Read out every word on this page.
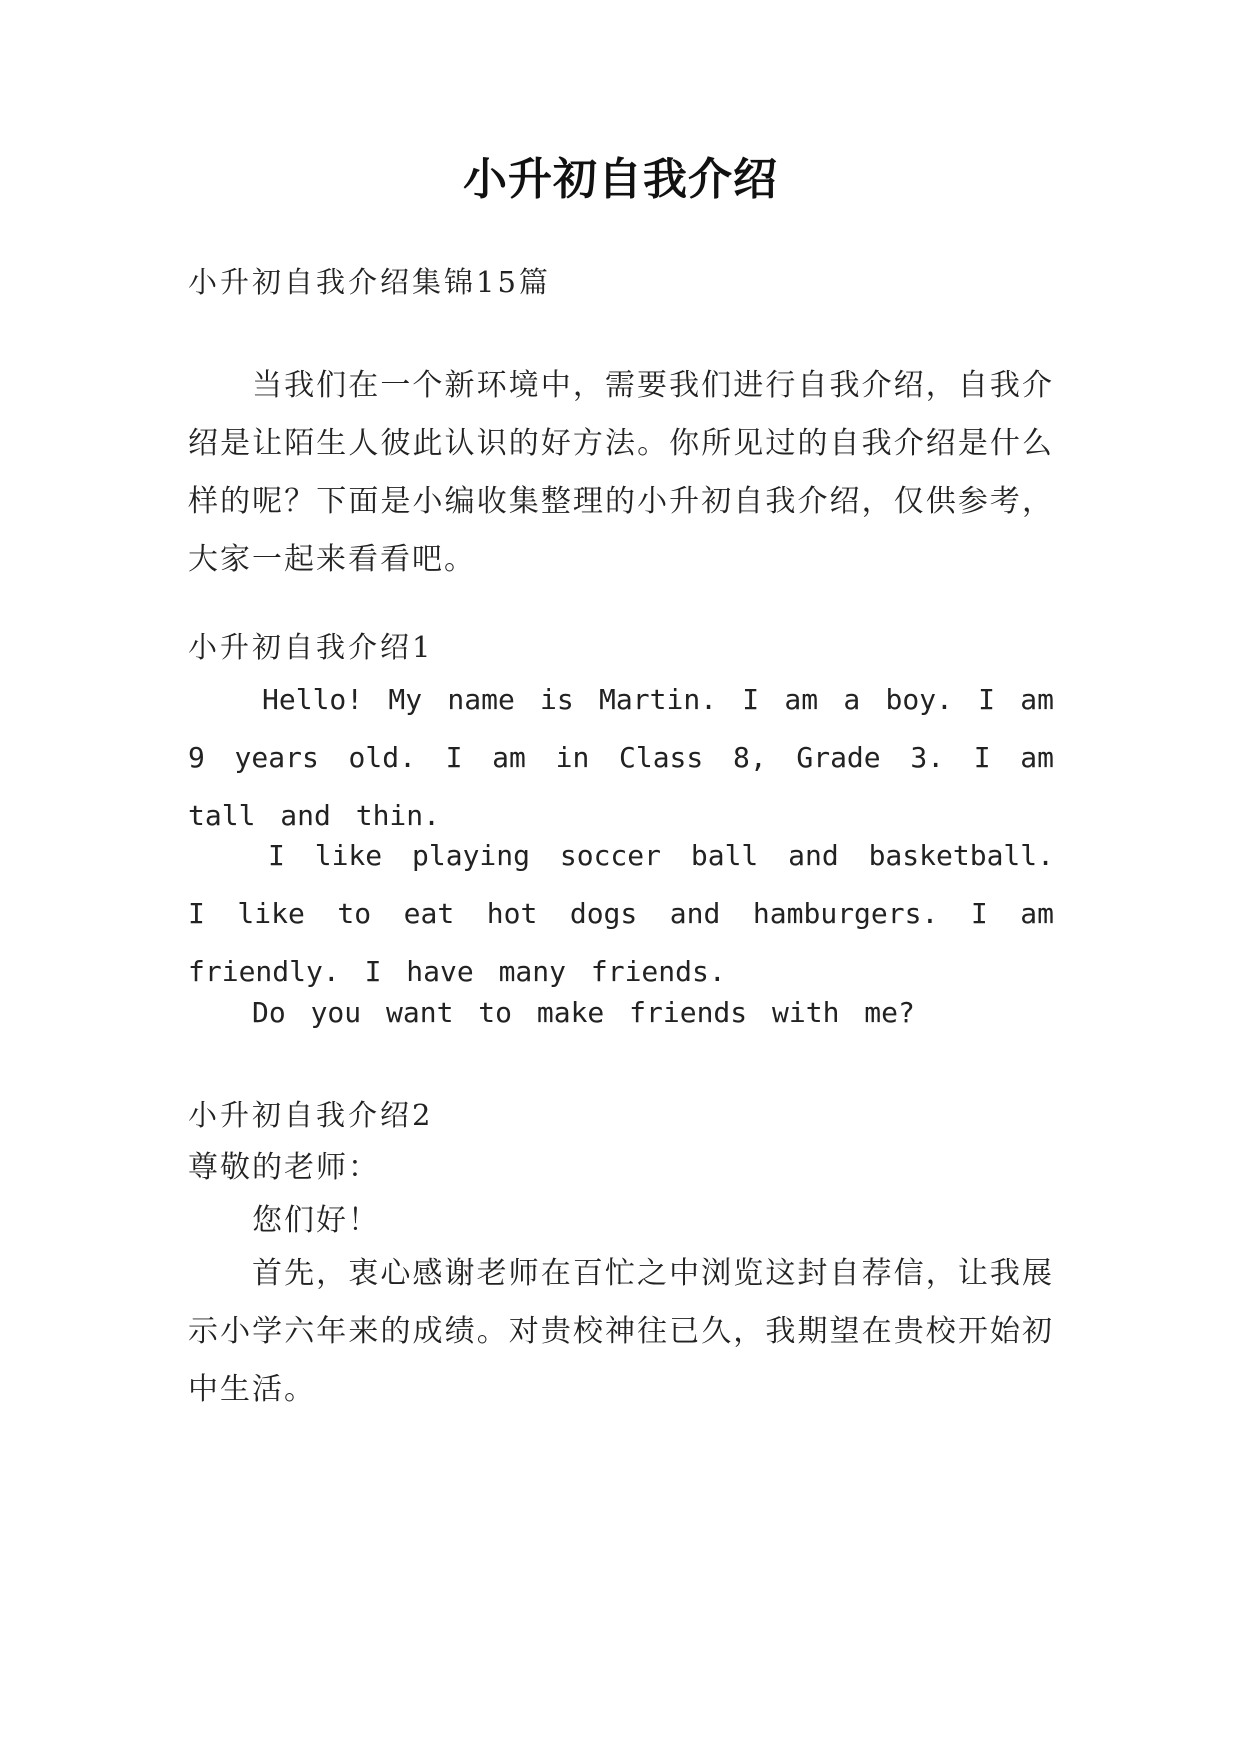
小升初自我介绍

小升初自我介绍集锦15篇

当我们在一个新环境中，需要我们进行自我介绍，自我介绍是让陌生人彼此认识的好方法。你所见过的自我介绍是什么样的呢？下面是小编收集整理的小升初自我介绍，仅供参考，大家一起来看看吧。

小升初自我介绍1

Hello! My name is Martin. I am a boy. I am 9 years old. I am in Class 8, Grade 3. I am tall and thin.

I like playing soccer ball and basketball. I like to eat hot dogs and hamburgers. I am friendly. I have many friends.

Do you want to make friends with me?

小升初自我介绍2

尊敬的老师：

您们好！

首先，衷心感谢老师在百忙之中浏览这封自荐信，让我展示小学六年来的成绩。对贵校神往已久，我期望在贵校开始初中生活。
